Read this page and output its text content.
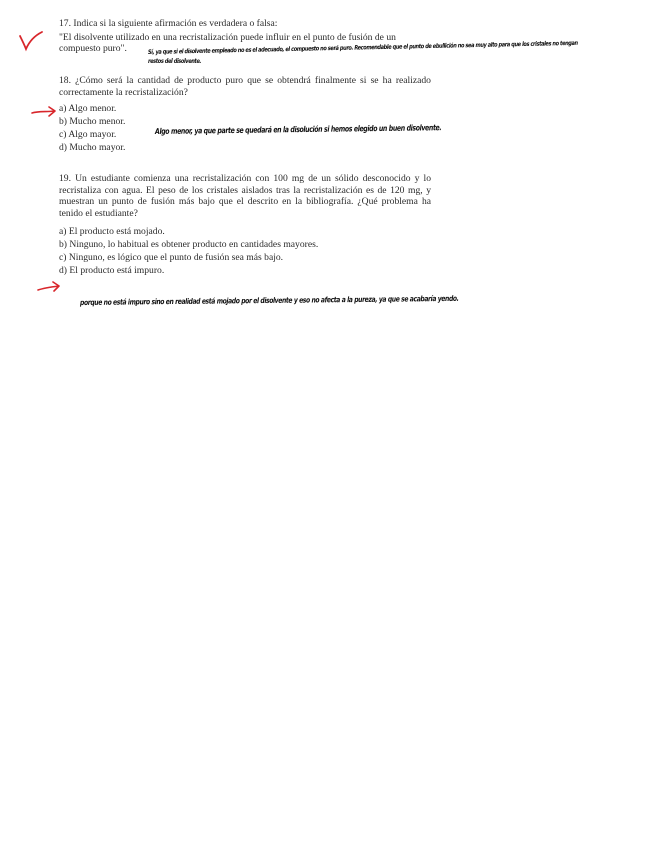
17. Indica si la siguiente afirmación es verdadera o falsa:

"El disolvente utilizado en una recristalización puede influir en el punto de fusión de un compuesto puro".	Sí, ya que si el disolvente empleado no es el adecuado, el compuesto no será puro. Recomendable que el punto de ebullición no sea muy alto para que los cristales no tengan
restos del disolvente.

18. ¿Cómo será la cantidad de producto puro que se obtendrá finalmente si se ha realizado correctamente la recristalización?

a) Algo menor.
b) Mucho menor.
c) Algo mayor.
d) Mucho mayor.
Algo menor, ya que parte se quedará en la disolución si hemos elegido un buen disolvente.

19. Un estudiante comienza una recristalización con 100 mg de un sólido desconocido y lo recristaliza con agua. El peso de los cristales aislados tras la recristalización es de 120 mg, y muestran un punto de fusión más bajo que el descrito en la bibliografía. ¿Qué problema ha tenido el estudiante?

a) El producto está mojado.
b) Ninguno, lo habitual es obtener producto en cantidades mayores.
c) Ninguno, es lógico que el punto de fusión sea más bajo.
d) El producto está impuro.
porque no está impuro sino en realidad está mojado por el disolvente y eso no afecta a la pureza, ya que se acabaría yendo.
